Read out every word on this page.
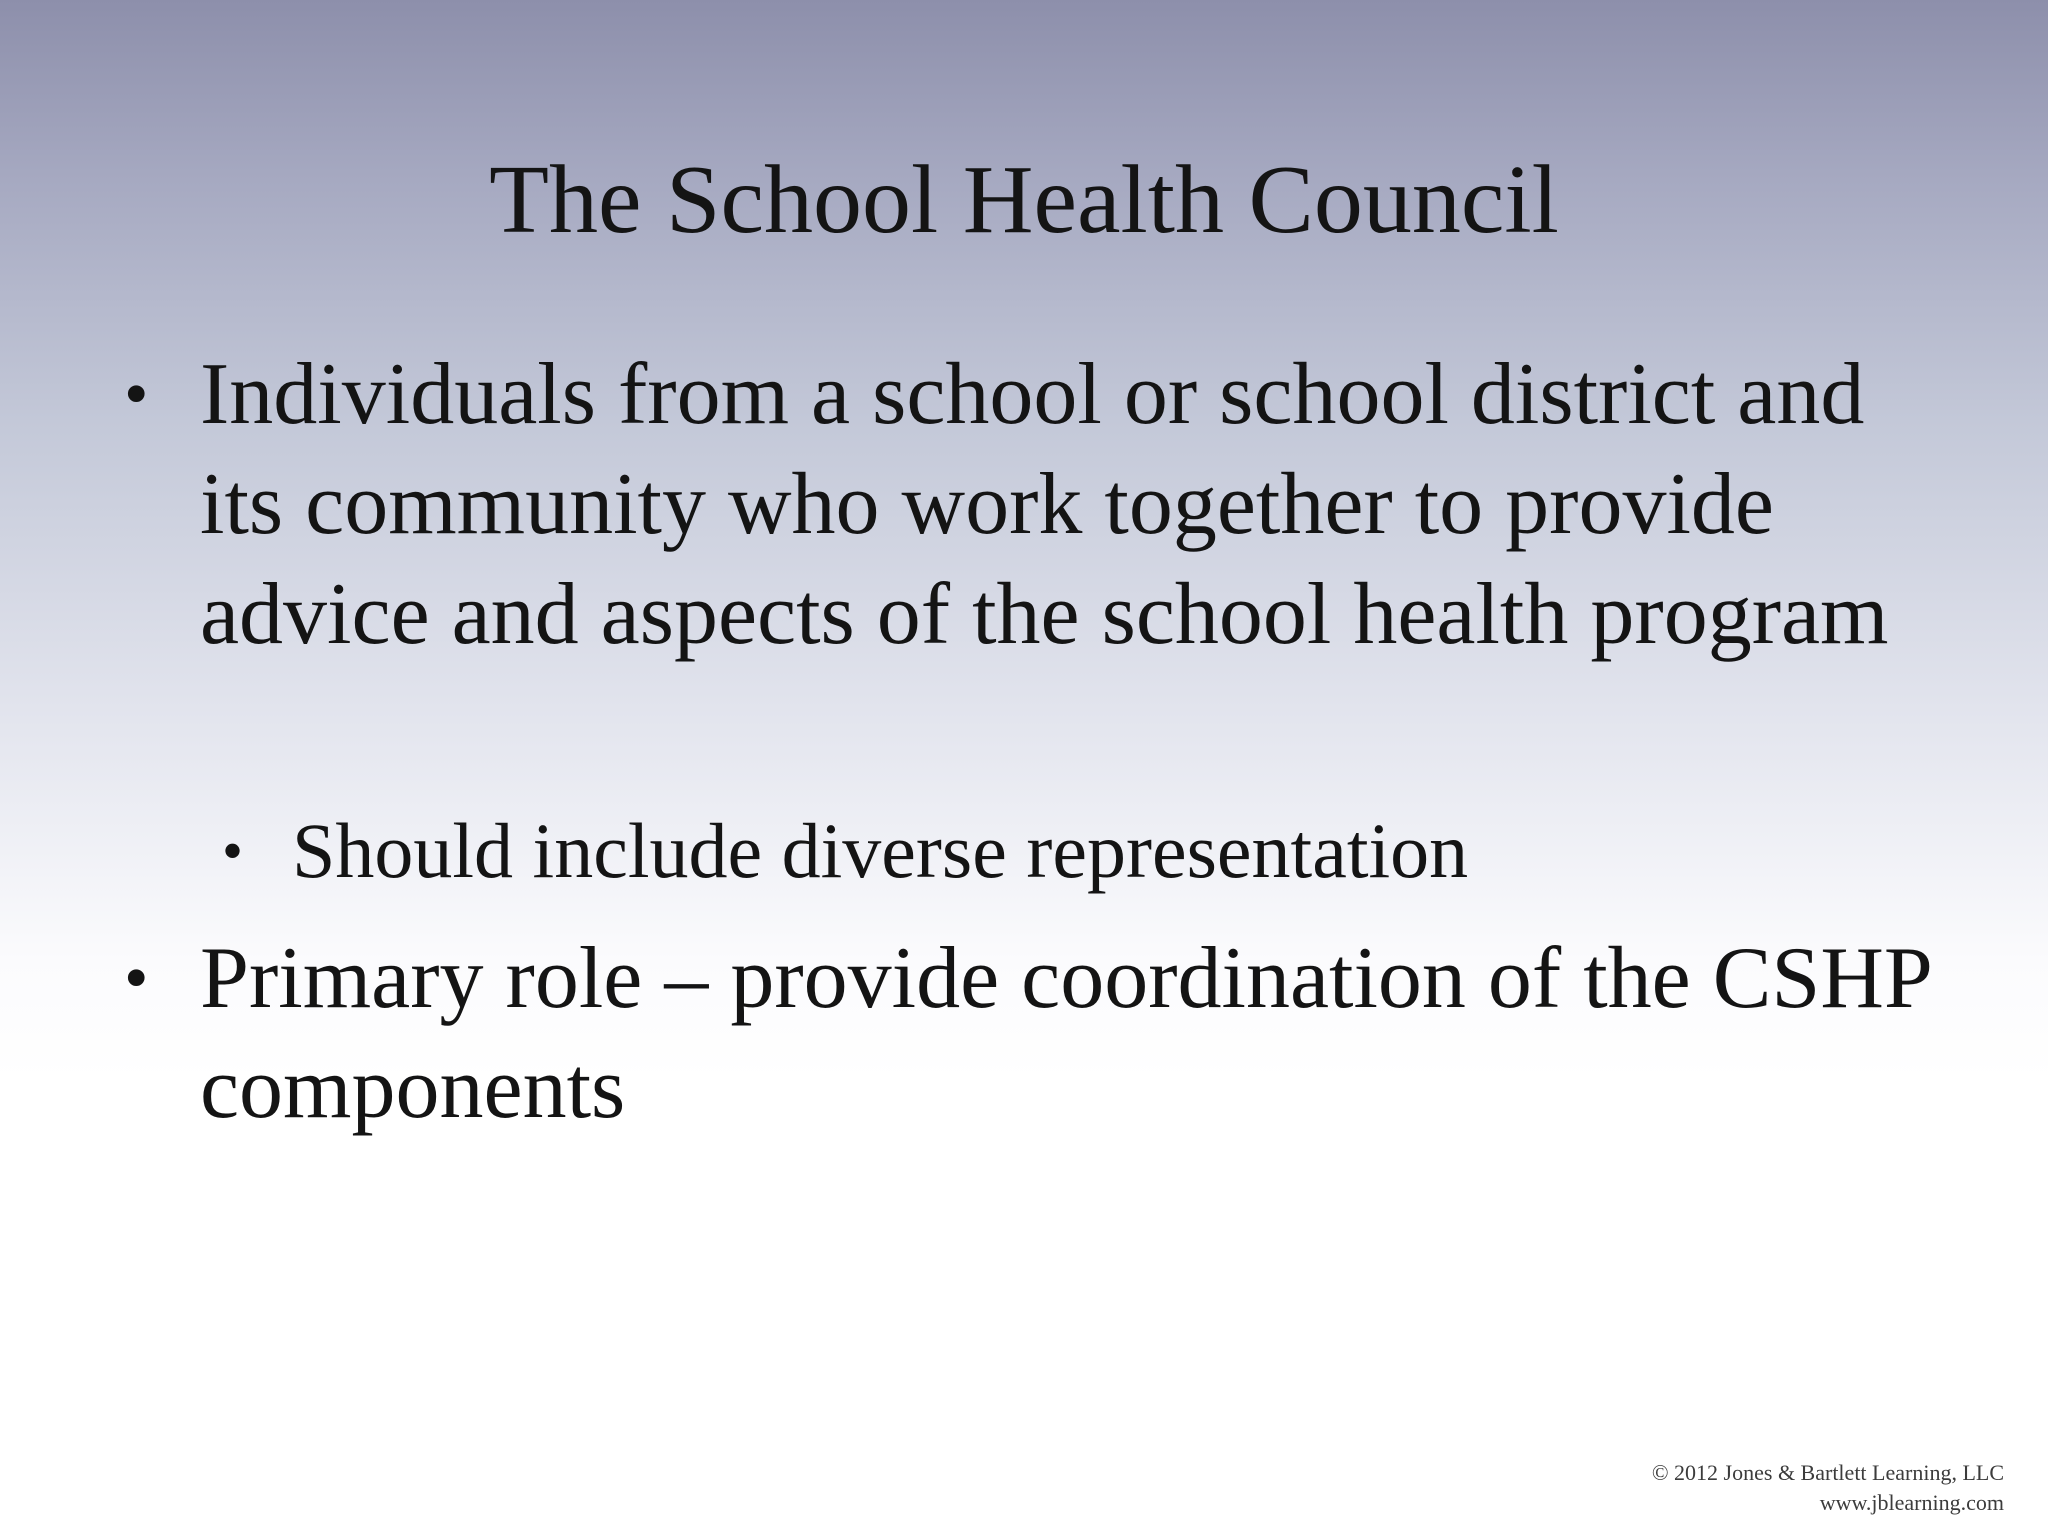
The School Health Council
• Individuals from a school or school district and its community who work together to provide advice and aspects of the school health program
• Should include diverse representation
• Primary role – provide coordination of the CSHP components
© 2012 Jones & Bartlett Learning, LLC
www.jblearning.com
